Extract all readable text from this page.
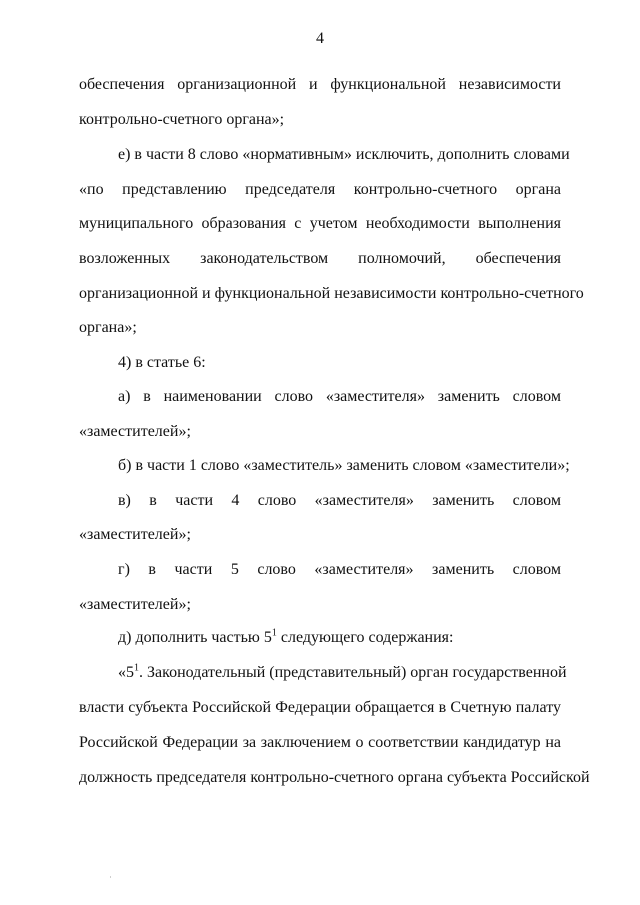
4
обеспечения организационной и функциональной независимости
контрольно-счетного органа»;
е) в части 8 слово «нормативным» исключить, дополнить словами
«по представлению председателя контрольно-счетного органа
муниципального образования с учетом необходимости выполнения
возложенных законодательством полномочий, обеспечения
организационной и функциональной независимости контрольно-счетного
органа»;
4) в статье 6:
а) в наименовании слово «заместителя» заменить словом
«заместителей»;
б) в части 1 слово «заместитель» заменить словом «заместители»;
в) в части 4 слово «заместителя» заменить словом
«заместителей»;
г) в части 5 слово «заместителя» заменить словом
«заместителей»;
д) дополнить частью $5^1$ следующего содержания:
«$5^1$. Законодательный (представительный) орган государственной
власти субъекта Российской Федерации обращается в Счетную палату
Российской Федерации за заключением о соответствии кандидатур на
должность председателя контрольно-счетного органа субъекта Российской
